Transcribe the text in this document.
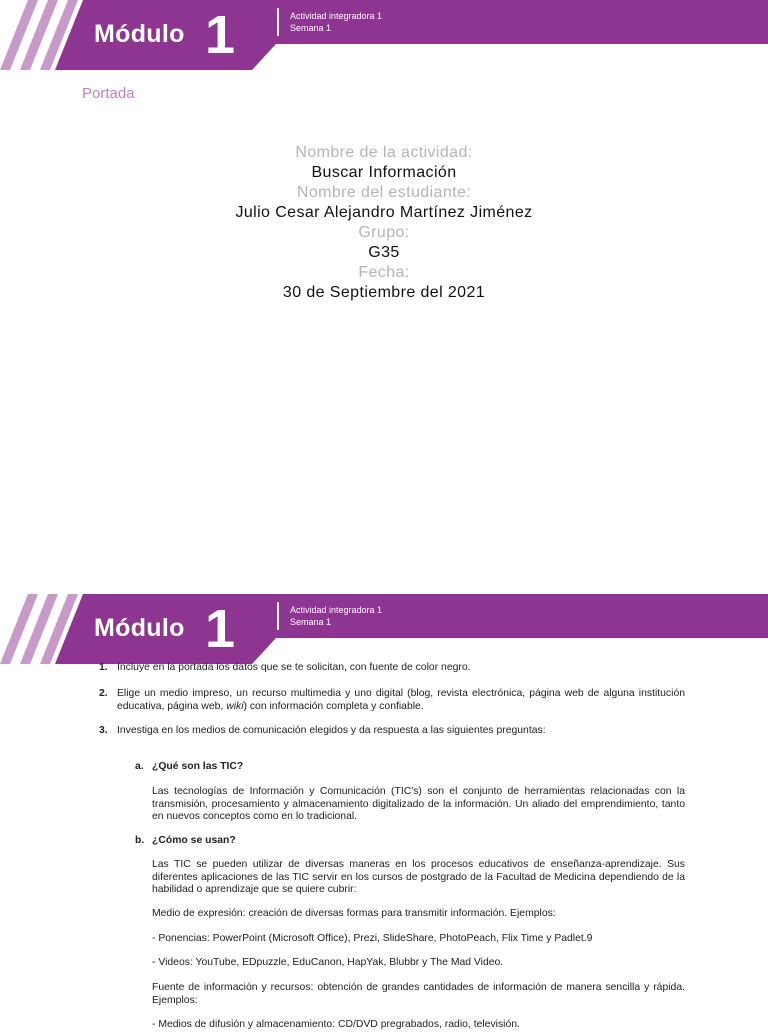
Módulo 1	Actividad integradora 1
Semana 1
Portada
Nombre de la actividad:
Buscar Información
Nombre del estudiante:
Julio Cesar Alejandro Martínez Jiménez
Grupo:
G35
Fecha:
30 de Septiembre del 2021
Módulo 1	Actividad integradora 1
Semana 1
1. Incluye en la portada los datos que se te solicitan, con fuente de color negro.
2. Elige un medio impreso, un recurso multimedia y uno digital (blog, revista electrónica, página web de alguna institución educativa, página web, wiki) con información completa y confiable.
3. Investiga en los medios de comunicación elegidos y da respuesta a las siguientes preguntas:
a. ¿Qué son las TIC?
Las tecnologías de Información y Comunicación (TIC's) son el conjunto de herramientas relacionadas con la transmisión, procesamiento y almacenamiento digitalizado de la información. Un aliado del emprendimiento, tanto en nuevos conceptos como en lo tradicional.
b. ¿Cómo se usan?
Las TIC se pueden utilizar de diversas maneras en los procesos educativos de enseñanza-aprendizaje. Sus diferentes aplicaciones de las TIC servir en los cursos de postgrado de la Facultad de Medicina dependiendo de la habilidad o aprendizaje que se quiere cubrir:
Medio de expresión: creación de diversas formas para transmitir información. Ejemplos:
- Ponencias: PowerPoint (Microsoft Office), Prezi, SlideShare, PhotoPeach, Flix Time y Padlet.9
- Videos: YouTube, EDpuzzle, EduCanon, HapYak, Blubbr y The Mad Video.
Fuente de información y recursos: obtención de grandes cantidades de información de manera sencilla y rápida. Ejemplos:
- Medios de difusión y almacenamiento: CD/DVD pregrabados, radio, televisión.
